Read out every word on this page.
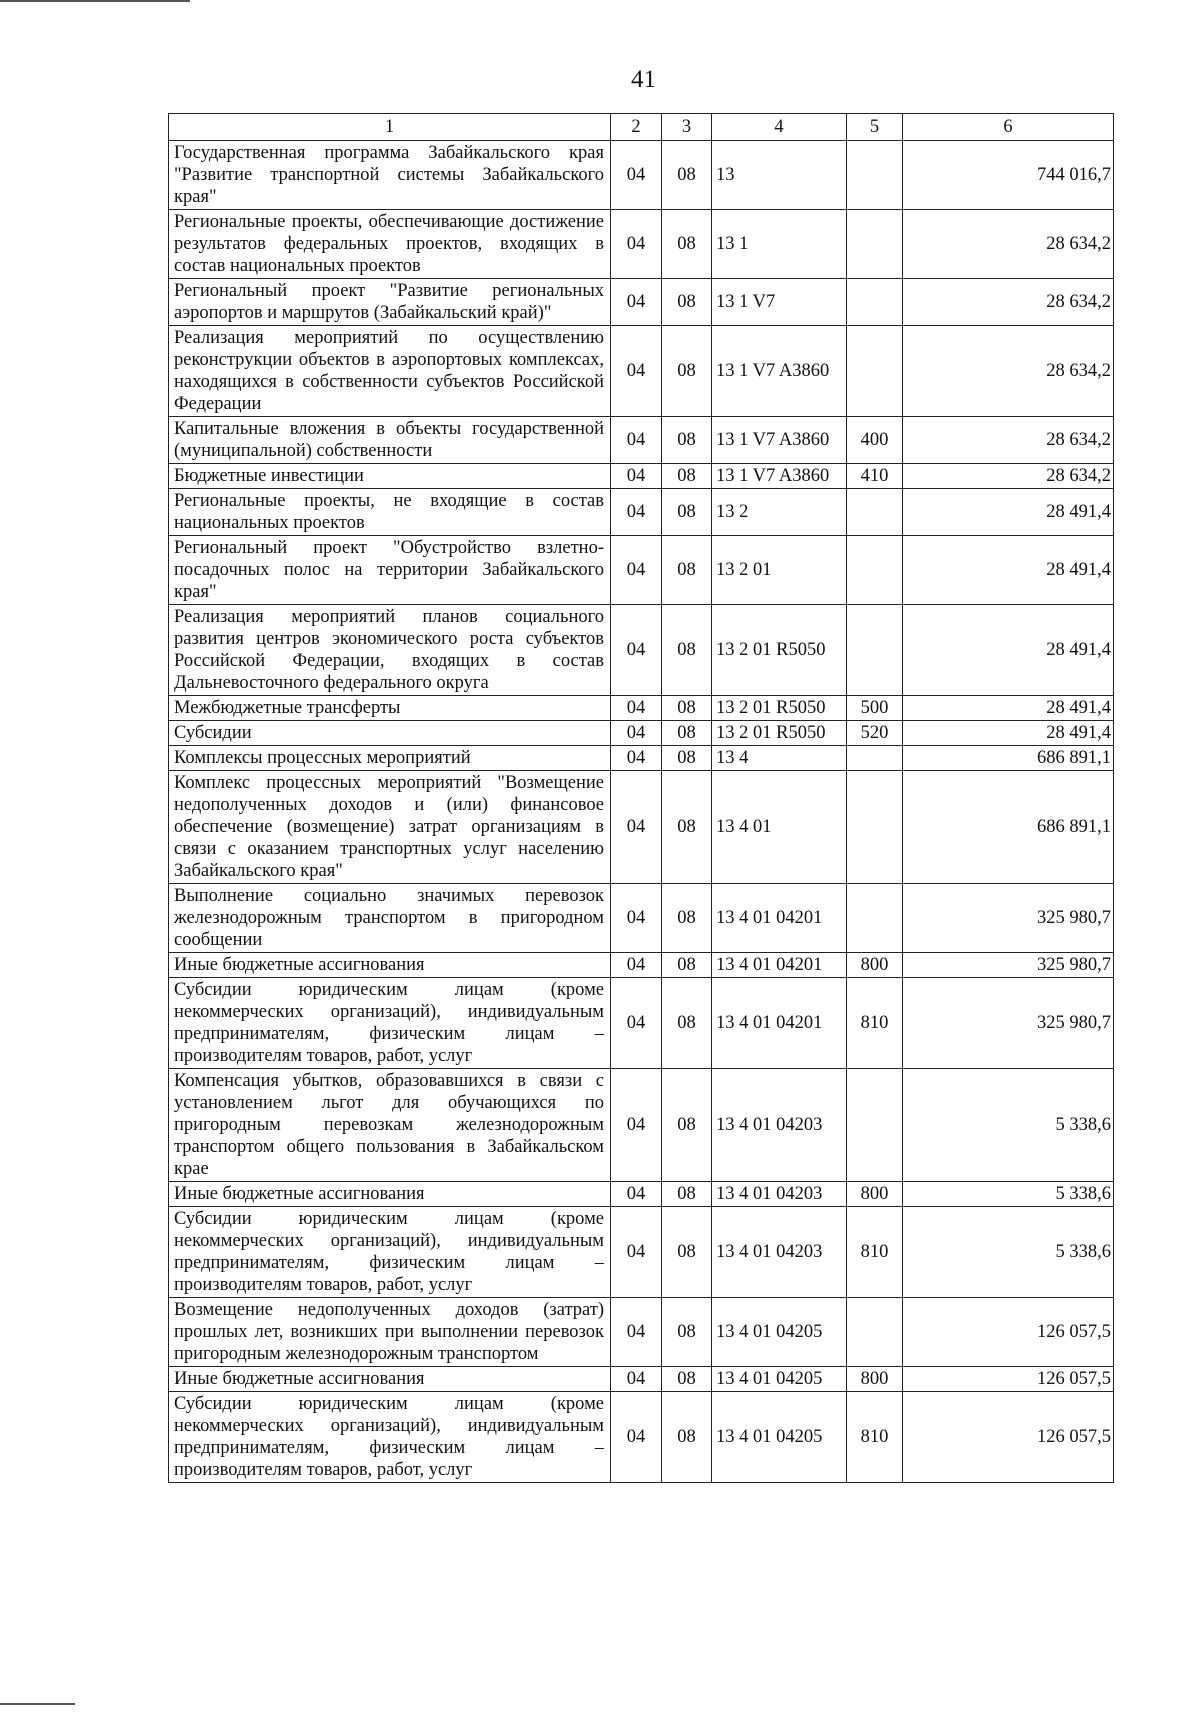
41
1	2	3	4	5	6
Государственная программа Забайкальского края "Развитие транспортной системы Забайкальского края"	04	08	13		744 016,7
Региональные проекты, обеспечивающие достижение результатов федеральных проектов, входящих в состав национальных проектов	04	08	13 1		28 634,2
Региональный проект "Развитие региональных аэропортов и маршрутов (Забайкальский край)"	04	08	13 1 V7		28 634,2
Реализация мероприятий по осуществлению реконструкции объектов в аэропортовых комплексах, находящихся в собственности субъектов Российской Федерации	04	08	13 1 V7 A3860		28 634,2
Капитальные вложения в объекты государственной (муниципальной) собственности	04	08	13 1 V7 A3860	400	28 634,2
Бюджетные инвестиции	04	08	13 1 V7 A3860	410	28 634,2
Региональные проекты, не входящие в состав национальных проектов	04	08	13 2		28 491,4
Региональный проект "Обустройство взлетно-посадочных полос на территории Забайкальского края"	04	08	13 2 01		28 491,4
Реализация мероприятий планов социального развития центров экономического роста субъектов Российской Федерации, входящих в состав Дальневосточного федерального округа	04	08	13 2 01 R5050		28 491,4
Межбюджетные трансферты	04	08	13 2 01 R5050	500	28 491,4
Субсидии	04	08	13 2 01 R5050	520	28 491,4
Комплексы процессных мероприятий	04	08	13 4		686 891,1
Комплекс процессных мероприятий "Возмещение недополученных доходов и (или) финансовое обеспечение (возмещение) затрат организациям в связи с оказанием транспортных услуг населению Забайкальского края"	04	08	13 4 01		686 891,1
Выполнение социально значимых перевозок железнодорожным транспортом в пригородном сообщении	04	08	13 4 01 04201		325 980,7
Иные бюджетные ассигнования	04	08	13 4 01 04201	800	325 980,7
Субсидии юридическим лицам (кроме некоммерческих организаций), индивидуальным предпринимателям, физическим лицам – производителям товаров, работ, услуг	04	08	13 4 01 04201	810	325 980,7
Компенсация убытков, образовавшихся в связи с установлением льгот для обучающихся по пригородным перевозкам железнодорожным транспортом общего пользования в Забайкальском крае	04	08	13 4 01 04203		5 338,6
Иные бюджетные ассигнования	04	08	13 4 01 04203	800	5 338,6
Субсидии юридическим лицам (кроме некоммерческих организаций), индивидуальным предпринимателям, физическим лицам – производителям товаров, работ, услуг	04	08	13 4 01 04203	810	5 338,6
Возмещение недополученных доходов (затрат) прошлых лет, возникших при выполнении перевозок пригородным железнодорожным транспортом	04	08	13 4 01 04205		126 057,5
Иные бюджетные ассигнования	04	08	13 4 01 04205	800	126 057,5
Субсидии юридическим лицам (кроме некоммерческих организаций), индивидуальным предпринимателям, физическим лицам – производителям товаров, работ, услуг	04	08	13 4 01 04205	810	126 057,5
